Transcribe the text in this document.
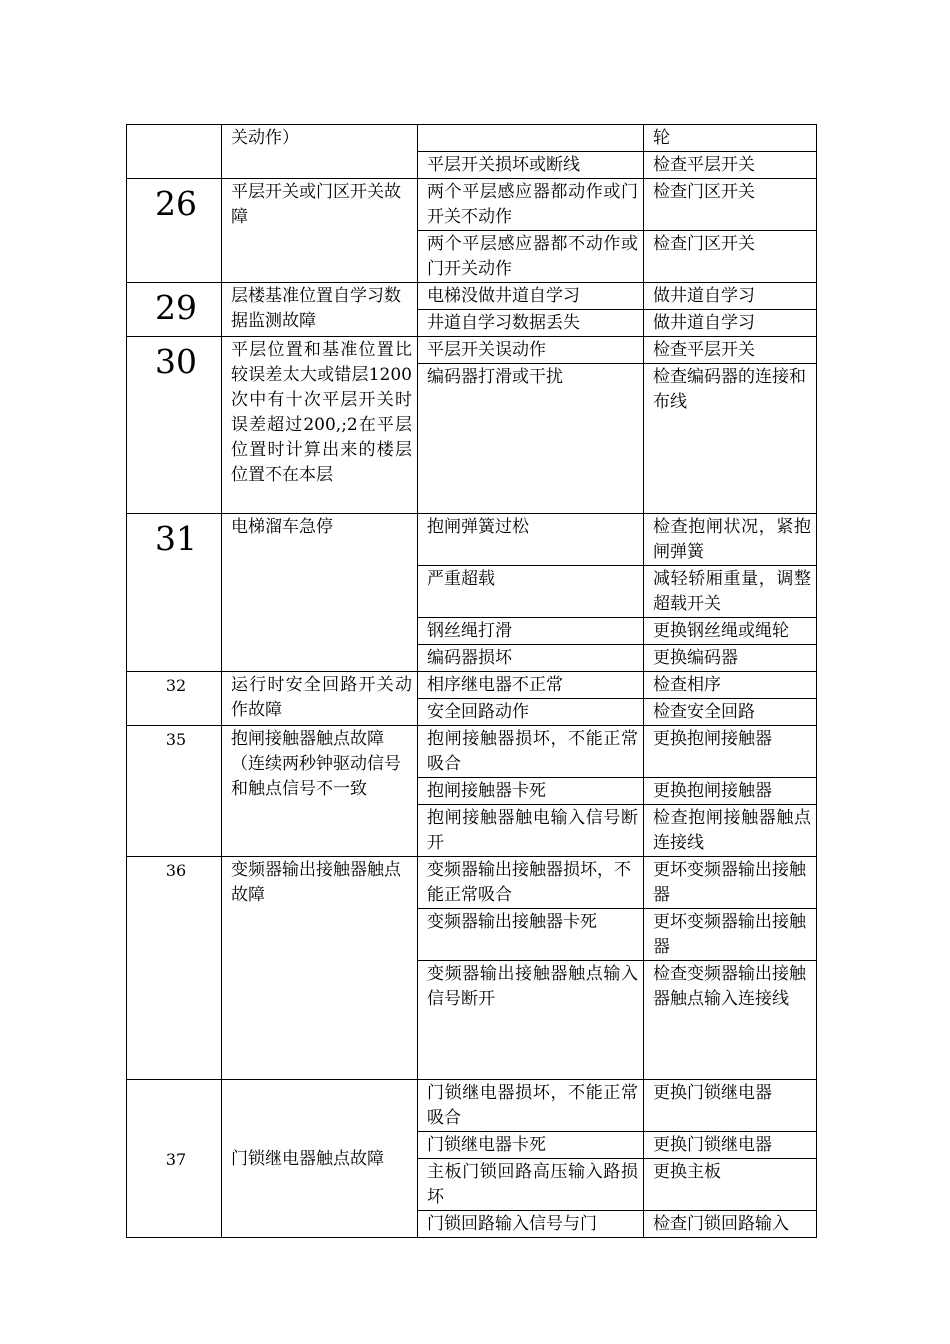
	关动作）		轮
		平层开关损坏或断线	检查平层开关
26	平层开关或门区开关故障	两个平层感应器都动作或门开关不动作	检查门区开关
		两个平层感应器都不动作或门开关动作	检查门区开关
29	层楼基准位置自学习数据监测故障	电梯没做井道自学习	做井道自学习
		井道自学习数据丢失	做井道自学习
30	平层位置和基准位置比较误差太大或错层1200次中有十次平层开关时误差超过200,;2在平层位置时计算出来的楼层位置不在本层	平层开关误动作	检查平层开关
		编码器打滑或干扰	检查编码器的连接和布线
31	电梯溜车急停	抱闸弹簧过松	检查抱闸状况，紧抱闸弹簧
		严重超载	减轻轿厢重量，调整超载开关
		钢丝绳打滑	更换钢丝绳或绳轮
		编码器损坏	更换编码器
32	运行时安全回路开关动作故障	相序继电器不正常	检查相序
		安全回路动作	检查安全回路
35	抱闸接触器触点故障（连续两秒钟驱动信号和触点信号不一致	抱闸接触器损坏，不能正常吸合	更换抱闸接触器
		抱闸接触器卡死	更换抱闸接触器
		抱闸接触器触电输入信号断开	检查抱闸接触器触点连接线
36	变频器输出接触器触点故障	变频器输出接触器损坏，不能正常吸合	更坏变频器输出接触器
		变频器输出接触器卡死	更坏变频器输出接触器
		变频器输出接触器触点输入信号断开	检查变频器输出接触器触点输入连接线
37	门锁继电器触点故障	门锁继电器损坏，不能正常吸合	更换门锁继电器
		门锁继电器卡死	更换门锁继电器
		主板门锁回路高压输入路损坏	更换主板
		门锁回路输入信号与门	检查门锁回路输入
